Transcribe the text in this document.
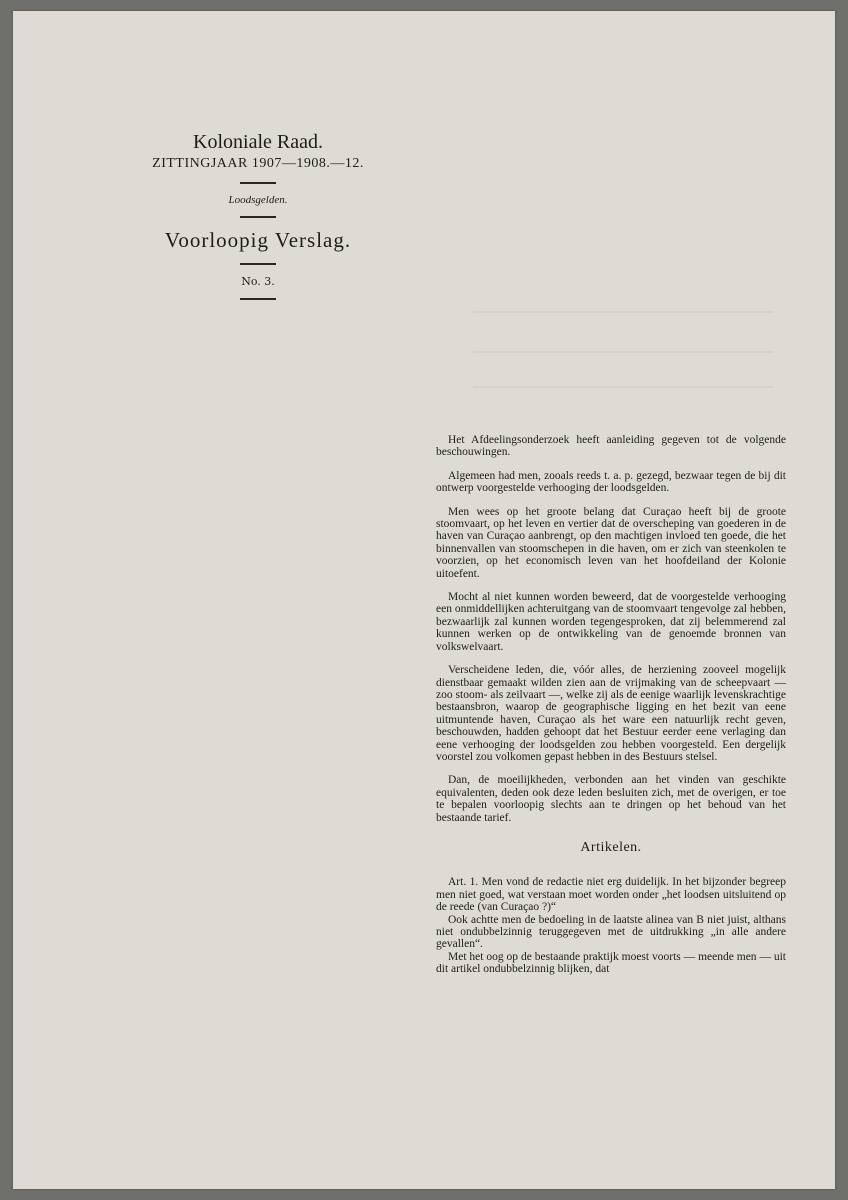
Koloniale Raad.
ZITTINGJAAR 1907—1908.—12.
Loodsgelden.
Voorloopig Verslag.
No. 3.

Het Afdeelingsonderzoek heeft aanleiding gegeven tot de volgende beschouwingen.

Algemeen had men, zooals reeds t. a. p. gezegd, bezwaar tegen de bij dit ontwerp voorgestelde verhooging der loodsgelden.

Men wees op het groote belang dat Curaçao heeft bij de groote stoomvaart, op het leven en vertier dat de overscheping van goederen in de haven van Curaçao aanbrengt, op den machtigen invloed ten goede, die het binnenvallen van stoomschepen in die haven, om er zich van steenkolen te voorzien, op het economisch leven van het hoofdeiland der Kolonie uitoefent.

Mocht al niet kunnen worden beweerd, dat de voorgestelde verhooging een onmiddellijken achteruitgang van de stoomvaart tengevolge zal hebben, bezwaarlijk zal kunnen worden tegengesproken, dat zij belemmerend zal kunnen werken op de ontwikkeling van de genoemde bronnen van volkswelvaart.

Verscheidene leden, die, vóór alles, de herziening zooveel mogelijk dienstbaar gemaakt wilden zien aan de vrijmaking van de scheepvaart — zoo stoom- als zeilvaart —, welke zij als de eenige waarlijk levenskrachtige bestaansbron, waarop de geographische ligging en het bezit van eene uitmuntende haven, Curaçao als het ware een natuurlijk recht geven, beschouwden, hadden gehoopt dat het Bestuur eerder eene verlaging dan eene verhooging der loodsgelden zou hebben voorgesteld. Een dergelijk voorstel zou volkomen gepast hebben in des Bestuurs stelsel.

Dan, de moeilijkheden, verbonden aan het vinden van geschikte equivalenten, deden ook deze leden besluiten zich, met de overigen, er toe te bepalen voorloopig slechts aan te dringen op het behoud van het bestaande tarief.

Artikelen.

Art. 1. Men vond de redactie niet erg duidelijk. In het bijzonder begreep men niet goed, wat verstaan moet worden onder „het loodsen uitsluitend op de reede (van Curaçao ?)“

Ook achtte men de bedoeling in de laatste alinea van B niet juist, althans niet ondubbelzinnig teruggegeven met de uitdrukking „in alle andere gevallen“.

Met het oog op de bestaande praktijk moest voorts — meende men — uit dit artikel ondubbelzinnig blijken, dat
